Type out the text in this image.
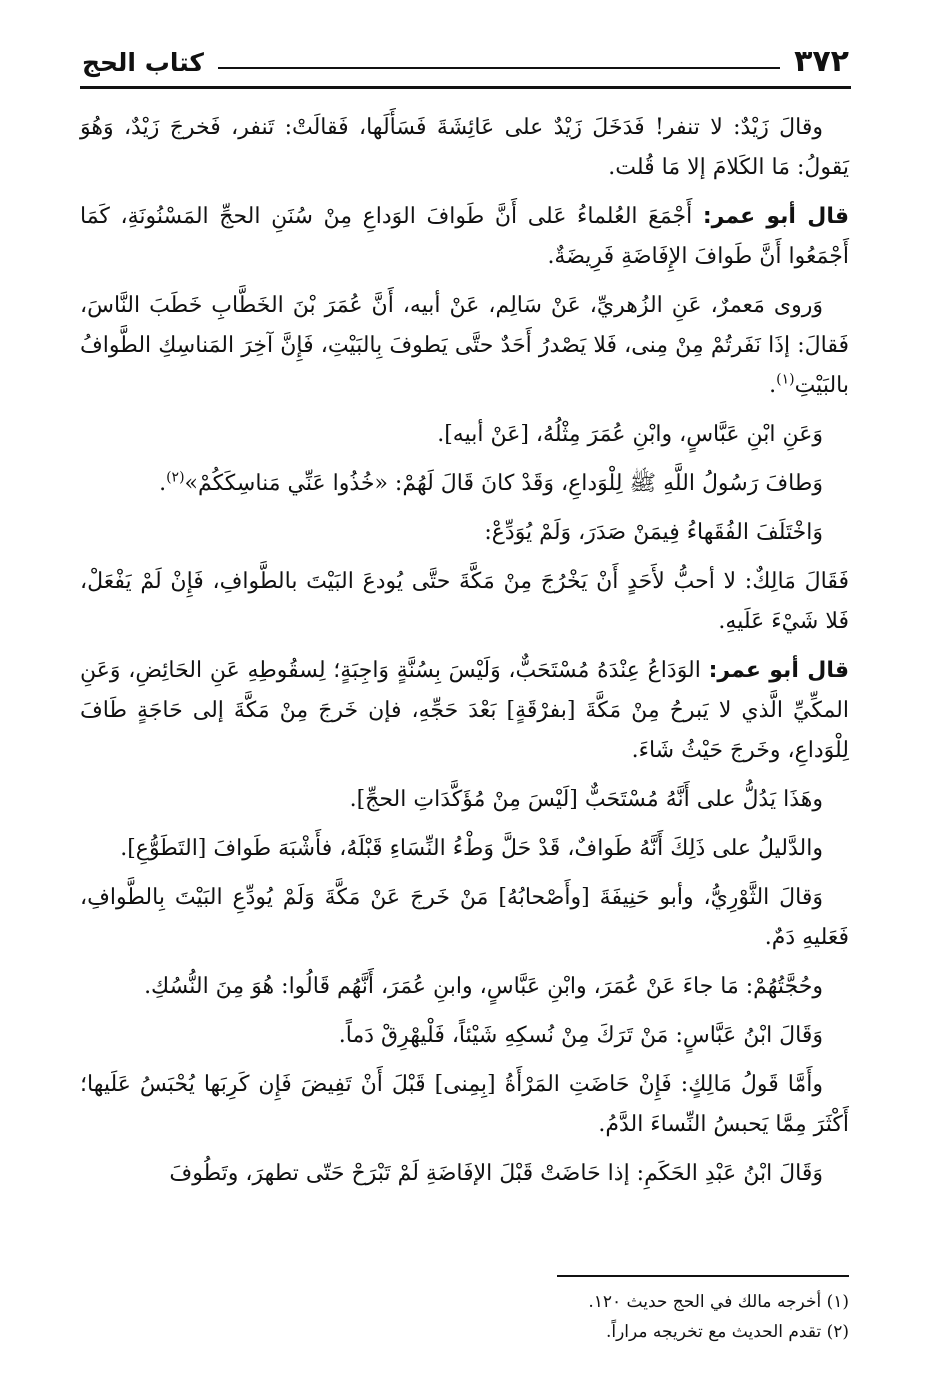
٣٧٢
كتاب الحج

وقالَ زَيْدٌ: لا تنفر! فَدَخَلَ زَيْدٌ على عَائِشَةَ فَسَأَلَها، فَقالَتْ: تَنفر، فَخرجَ زَيْدٌ، وَهُوَ يَقولُ: مَا الكَلامَ إلا مَا قُلت.

قال أبو عمر: أَجْمَعَ العُلماءُ عَلى أَنَّ طَوافَ الوَداعِ مِنْ سُنَنِ الحجِّ المَسْنُونَةِ، كَمَا أَجْمَعُوا أَنَّ طَوافَ الإِفَاضَةِ فَرِيضَةٌ.

وَروى مَعمرٌ، عَنِ الزُهريِّ، عَنْ سَالِم، عَنْ أبيه، أَنَّ عُمَرَ بْنَ الخَطَّابِ خَطَبَ النَّاسَ، فَقالَ: إذَا نَفَرتُمْ مِنْ مِنى، فَلا يَصْدرُ أَحَدٌ حتَّى يَطوفَ بِالبَيْتِ، فَإِنَّ آخِرَ المَناسِكِ الطَّوافُ بالبَيْتِ$^{(١)}$.

وَعَنِ ابْنِ عَبَّاسٍ، وابْنِ عُمَرَ مِثْلُهُ، [عَنْ أبيه].

وَطافَ رَسُولُ اللَّهِ ﷺ لِلْوَداعِ، وَقَدْ كانَ قَالَ لَهُمْ: «خُذُوا عَنِّي مَناسِكَكُمْ»$^{(٢)}$.

وَاخْتَلَفَ الفُقَهاءُ فِيمَنْ صَدَرَ، وَلَمْ يُوَدِّعْ:

فَقَالَ مَالِكٌ: لا أحبُّ لأَحَدٍ أَنْ يَخْرُجَ مِنْ مَكَّةَ حتَّى يُودعَ البَيْتَ بالطَّوافِ، فَإِنْ لَمْ يَفْعَلْ، فَلا شَيْءَ عَلَيهِ.

قال أبو عمر: الوَدَاعُ عِنْدَهُ مُسْتَحَبٌّ، وَلَيْسَ بِسُنَّةٍ وَاجِبَةٍ؛ لِسقُوطِهِ عَنِ الحَائِضِ، وَعَنِ المكِّيِّ الَّذي لا يَبرحُ مِنْ مَكَّةَ [بفرْقَةٍ] بَعْدَ حَجِّهِ، فإن خَرجَ مِنْ مَكَّةَ إلى حَاجَةٍ طَافَ لِلْوَداعِ، وخَرجَ حَيْثُ شَاءَ.

وهَذَا يَدُلُّ على أَنَّهُ مُسْتَحَبٌّ [لَيْسَ مِنْ مُؤَكَّدَاتِ الحجِّ].

والدَّليلُ على ذَلِكَ أَنَّهُ طَوافٌ، قَدْ حَلَّ وَطْءُ النِّسَاءِ قَبْلَهُ، فأَشْبَهَ طَوافَ [التَطَوُّعِ].

وَقالَ الثَّوْرِيُّ، وأبو حَنِيفَةَ [وأَصْحابُهُ] مَنْ خَرجَ عَنْ مَكَّةَ وَلَمْ يُودِّعِ البَيْتَ بِالطَّوافِ، فَعَليهِ دَمٌ.

وحُجَّتُهُمْ: مَا جاءَ عَنْ عُمَرَ، وابْنِ عَبَّاسٍ، وابنِ عُمَرَ، أَنَّهُم قَالُوا: هُوَ مِنَ النُّسُكِ.

وَقَالَ ابْنُ عَبَّاسٍ: مَنْ تَرَكَ مِنْ نُسكِهِ شَيْئاً، فَلْيهْرِقْ دَماً.

وأَمَّا قَولُ مَالِكٍ: فَإِنْ حَاضَتِ المَرْأَةُ [بِمِنى] قَبْلَ أَنْ تَفِيضَ فَإِن كَرِبَها يُحْبَسُ عَلَيها؛ أَكْثَرَ مِمَّا يَحبسُ النِّساءَ الدَّمُ.

وَقَالَ ابْنُ عَبْدِ الحَكَمِ: إذا حَاضَتْ قَبْلَ الإفَاضَةِ لَمْ تَبْرَحْ حَتّى تطهرَ، وتَطُوفَ

(١) أخرجه مالك في الحج حديث ١٢٠.

(٢) تقدم الحديث مع تخريجه مراراً.
